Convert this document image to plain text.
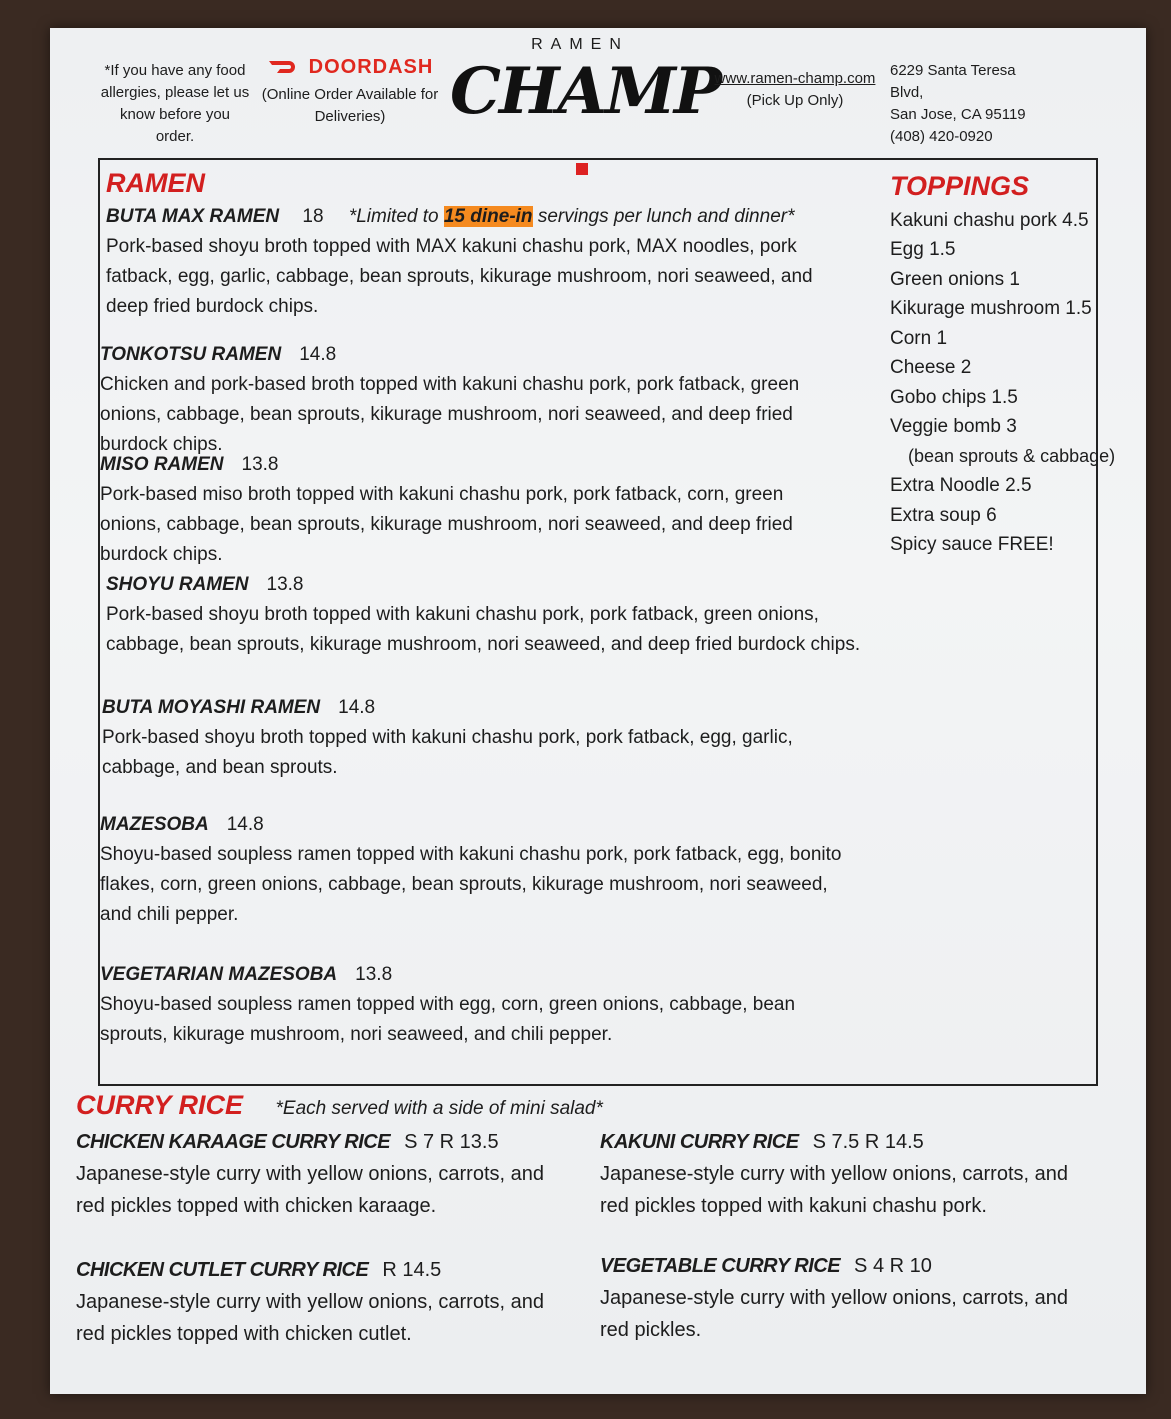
*If you have any food allergies, please let us know before you order.
DOORDASH
(Online Order Available for Deliveries)
RAMEN
CHAMP
www.ramen-champ.com
(Pick Up Only)
6229 Santa Teresa Blvd,
San Jose, CA 95119
(408) 420-0920
RAMEN
BUTA MAX RAMEN 18 *Limited to 15 dine-in servings per lunch and dinner*
Pork-based shoyu broth topped with MAX kakuni chashu pork, MAX noodles, pork fatback, egg, garlic, cabbage, bean sprouts, kikurage mushroom, nori seaweed, and deep fried burdock chips.
TONKOTSU RAMEN 14.8
Chicken and pork-based broth topped with kakuni chashu pork, pork fatback, green onions, cabbage, bean sprouts, kikurage mushroom, nori seaweed, and deep fried burdock chips.
MISO RAMEN 13.8
Pork-based miso broth topped with kakuni chashu pork, pork fatback, corn, green onions, cabbage, bean sprouts, kikurage mushroom, nori seaweed, and deep fried burdock chips.
SHOYU RAMEN 13.8
Pork-based shoyu broth topped with kakuni chashu pork, pork fatback, green onions, cabbage, bean sprouts, kikurage mushroom, nori seaweed, and deep fried burdock chips.
BUTA MOYASHI RAMEN 14.8
Pork-based shoyu broth topped with kakuni chashu pork, pork fatback, egg, garlic, cabbage, and bean sprouts.
MAZESOBA 14.8
Shoyu-based soupless ramen topped with kakuni chashu pork, pork fatback, egg, bonito flakes, corn, green onions, cabbage, bean sprouts, kikurage mushroom, nori seaweed, and chili pepper.
VEGETARIAN MAZESOBA 13.8
Shoyu-based soupless ramen topped with egg, corn, green onions, cabbage, bean sprouts, kikurage mushroom, nori seaweed, and chili pepper.
TOPPINGS
Kakuni chashu pork 4.5
Egg 1.5
Green onions 1
Kikurage mushroom 1.5
Corn 1
Cheese 2
Gobo chips 1.5
Veggie bomb 3
(bean sprouts & cabbage)
Extra Noodle 2.5
Extra soup 6
Spicy sauce FREE!
CURRY RICE *Each served with a side of mini salad*
CHICKEN KARAAGE CURRY RICE S 7 R 13.5
Japanese-style curry with yellow onions, carrots, and red pickles topped with chicken karaage.
KAKUNI CURRY RICE S 7.5 R 14.5
Japanese-style curry with yellow onions, carrots, and red pickles topped with kakuni chashu pork.
CHICKEN CUTLET CURRY RICE R 14.5
Japanese-style curry with yellow onions, carrots, and red pickles topped with chicken cutlet.
VEGETABLE CURRY RICE S 4 R 10
Japanese-style curry with yellow onions, carrots, and red pickles.
